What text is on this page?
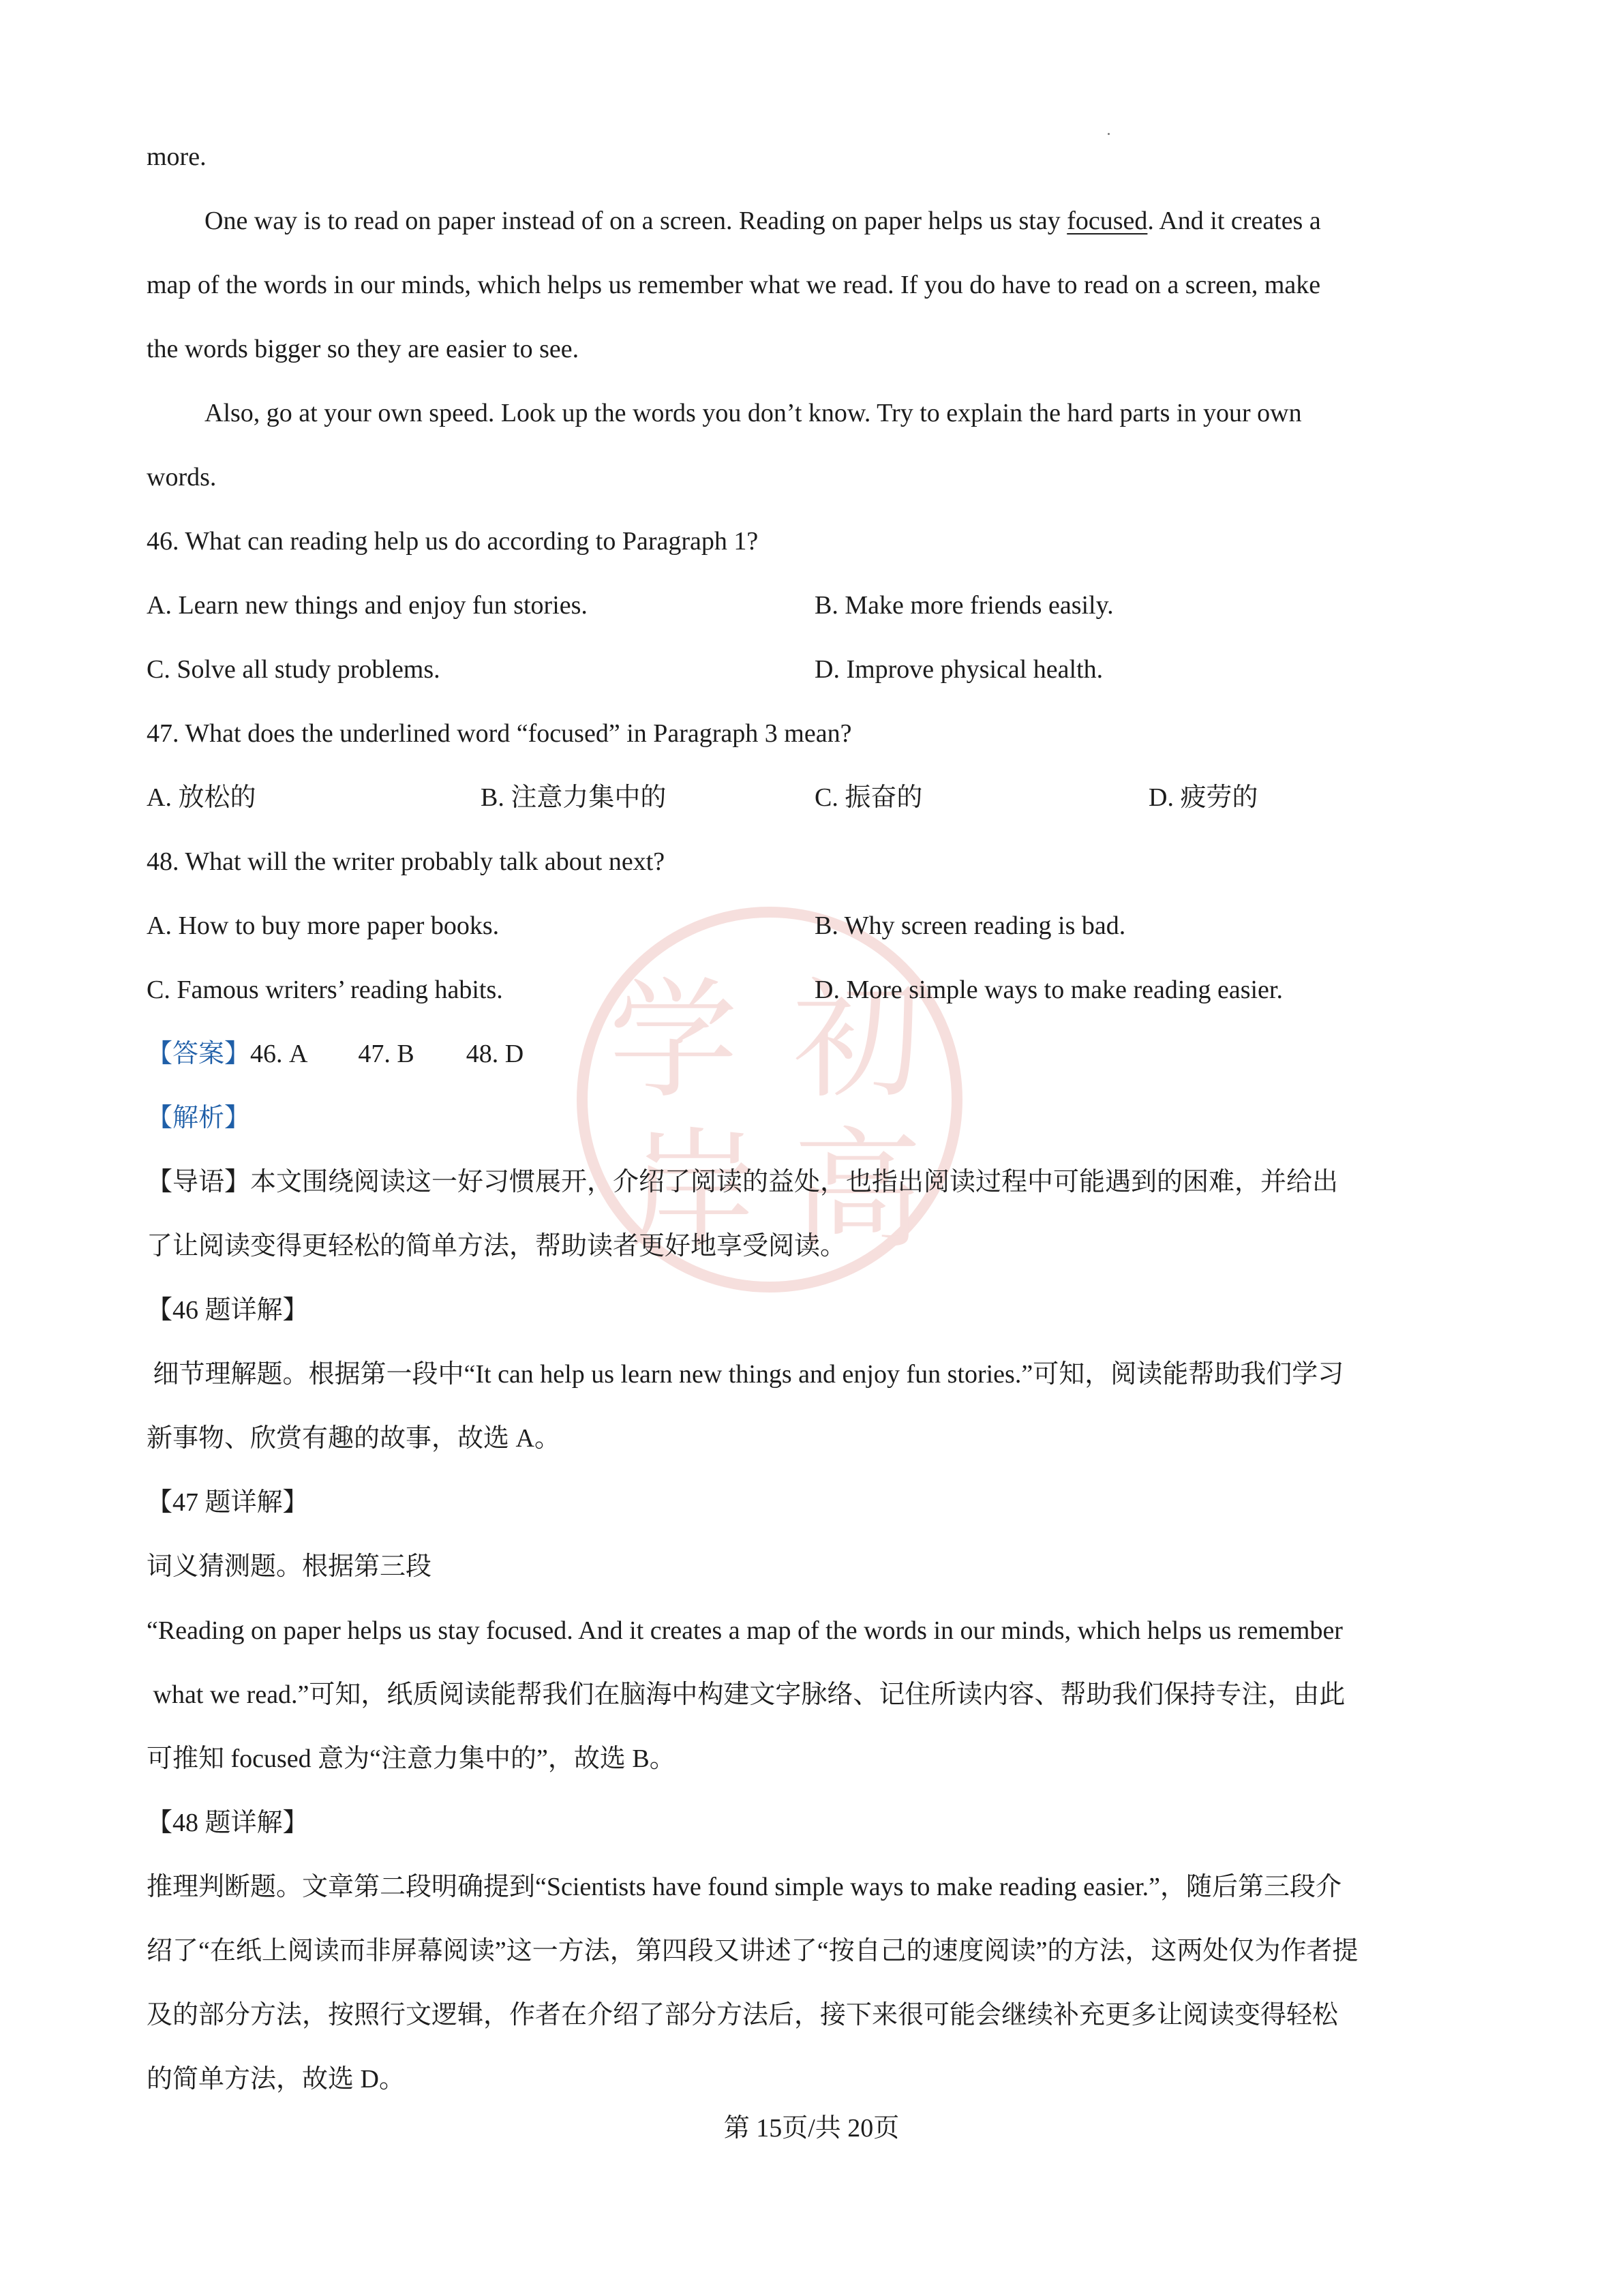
学 初
岸 高
more.
One way is to read on paper instead of on a screen. Reading on paper helps us stay focused. And it creates a
map of the words in our minds, which helps us remember what we read. If you do have to read on a screen, make
the words bigger so they are easier to see.
Also, go at your own speed. Look up the words you don’t know. Try to explain the hard parts in your own
words.
46. What can reading help us do according to Paragraph 1?
A. Learn new things and enjoy fun stories.	B. Make more friends easily.
C. Solve all study problems.	D. Improve physical health.
47. What does the underlined word “focused” in Paragraph 3 mean?
A. 放松的	B. 注意力集中的	C. 振奋的	D. 疲劳的
48. What will the writer probably talk about next?
A. How to buy more paper books.	B. Why screen reading is bad.
C. Famous writers’ reading habits.	D. More simple ways to make reading easier.
【答案】46. A        47. B        48. D
【解析】
【导语】本文围绕阅读这一好习惯展开，介绍了阅读的益处，也指出阅读过程中可能遇到的困难，并给出
了让阅读变得更轻松的简单方法，帮助读者更好地享受阅读。
【46 题详解】
细节理解题。根据第一段中“It can help us learn new things and enjoy fun stories.”可知，阅读能帮助我们学习
新事物、欣赏有趣的故事，故选 A。
【47 题详解】
词义猜测题。根据第三段
“Reading on paper helps us stay focused. And it creates a map of the words in our minds, which helps us remember
what we read.”可知，纸质阅读能帮我们在脑海中构建文字脉络、记住所读内容、帮助我们保持专注，由此
可推知 focused 意为“注意力集中的”，故选 B。
【48 题详解】
推理判断题。文章第二段明确提到“Scientists have found simple ways to make reading easier.”，随后第三段介
绍了“在纸上阅读而非屏幕阅读”这一方法，第四段又讲述了“按自己的速度阅读”的方法，这两处仅为作者提
及的部分方法，按照行文逻辑，作者在介绍了部分方法后，接下来很可能会继续补充更多让阅读变得轻松
的简单方法，故选 D。
第 15页/共 20页
